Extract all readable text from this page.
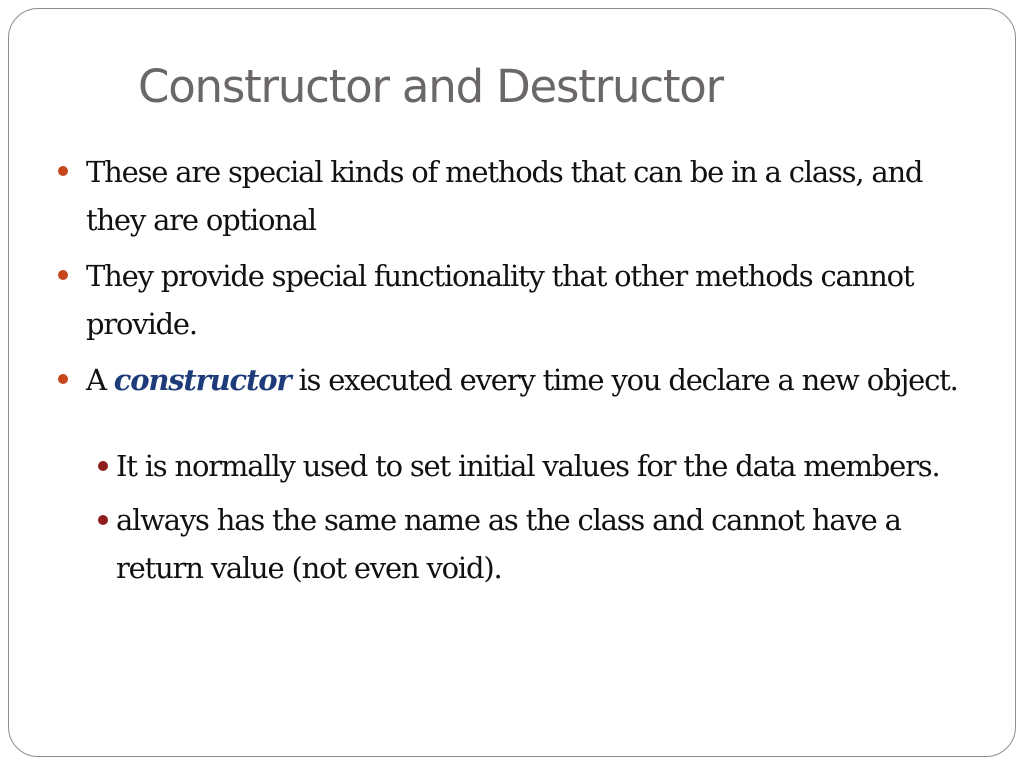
Constructor and Destructor
These are special kinds of methods that can be in a class, and they are optional
They provide special functionality that other methods cannot provide.
A constructor is executed every time you declare a new object.
It is normally used to set initial values for the data members.
always has the same name as the class and cannot have a return value (not even void).
